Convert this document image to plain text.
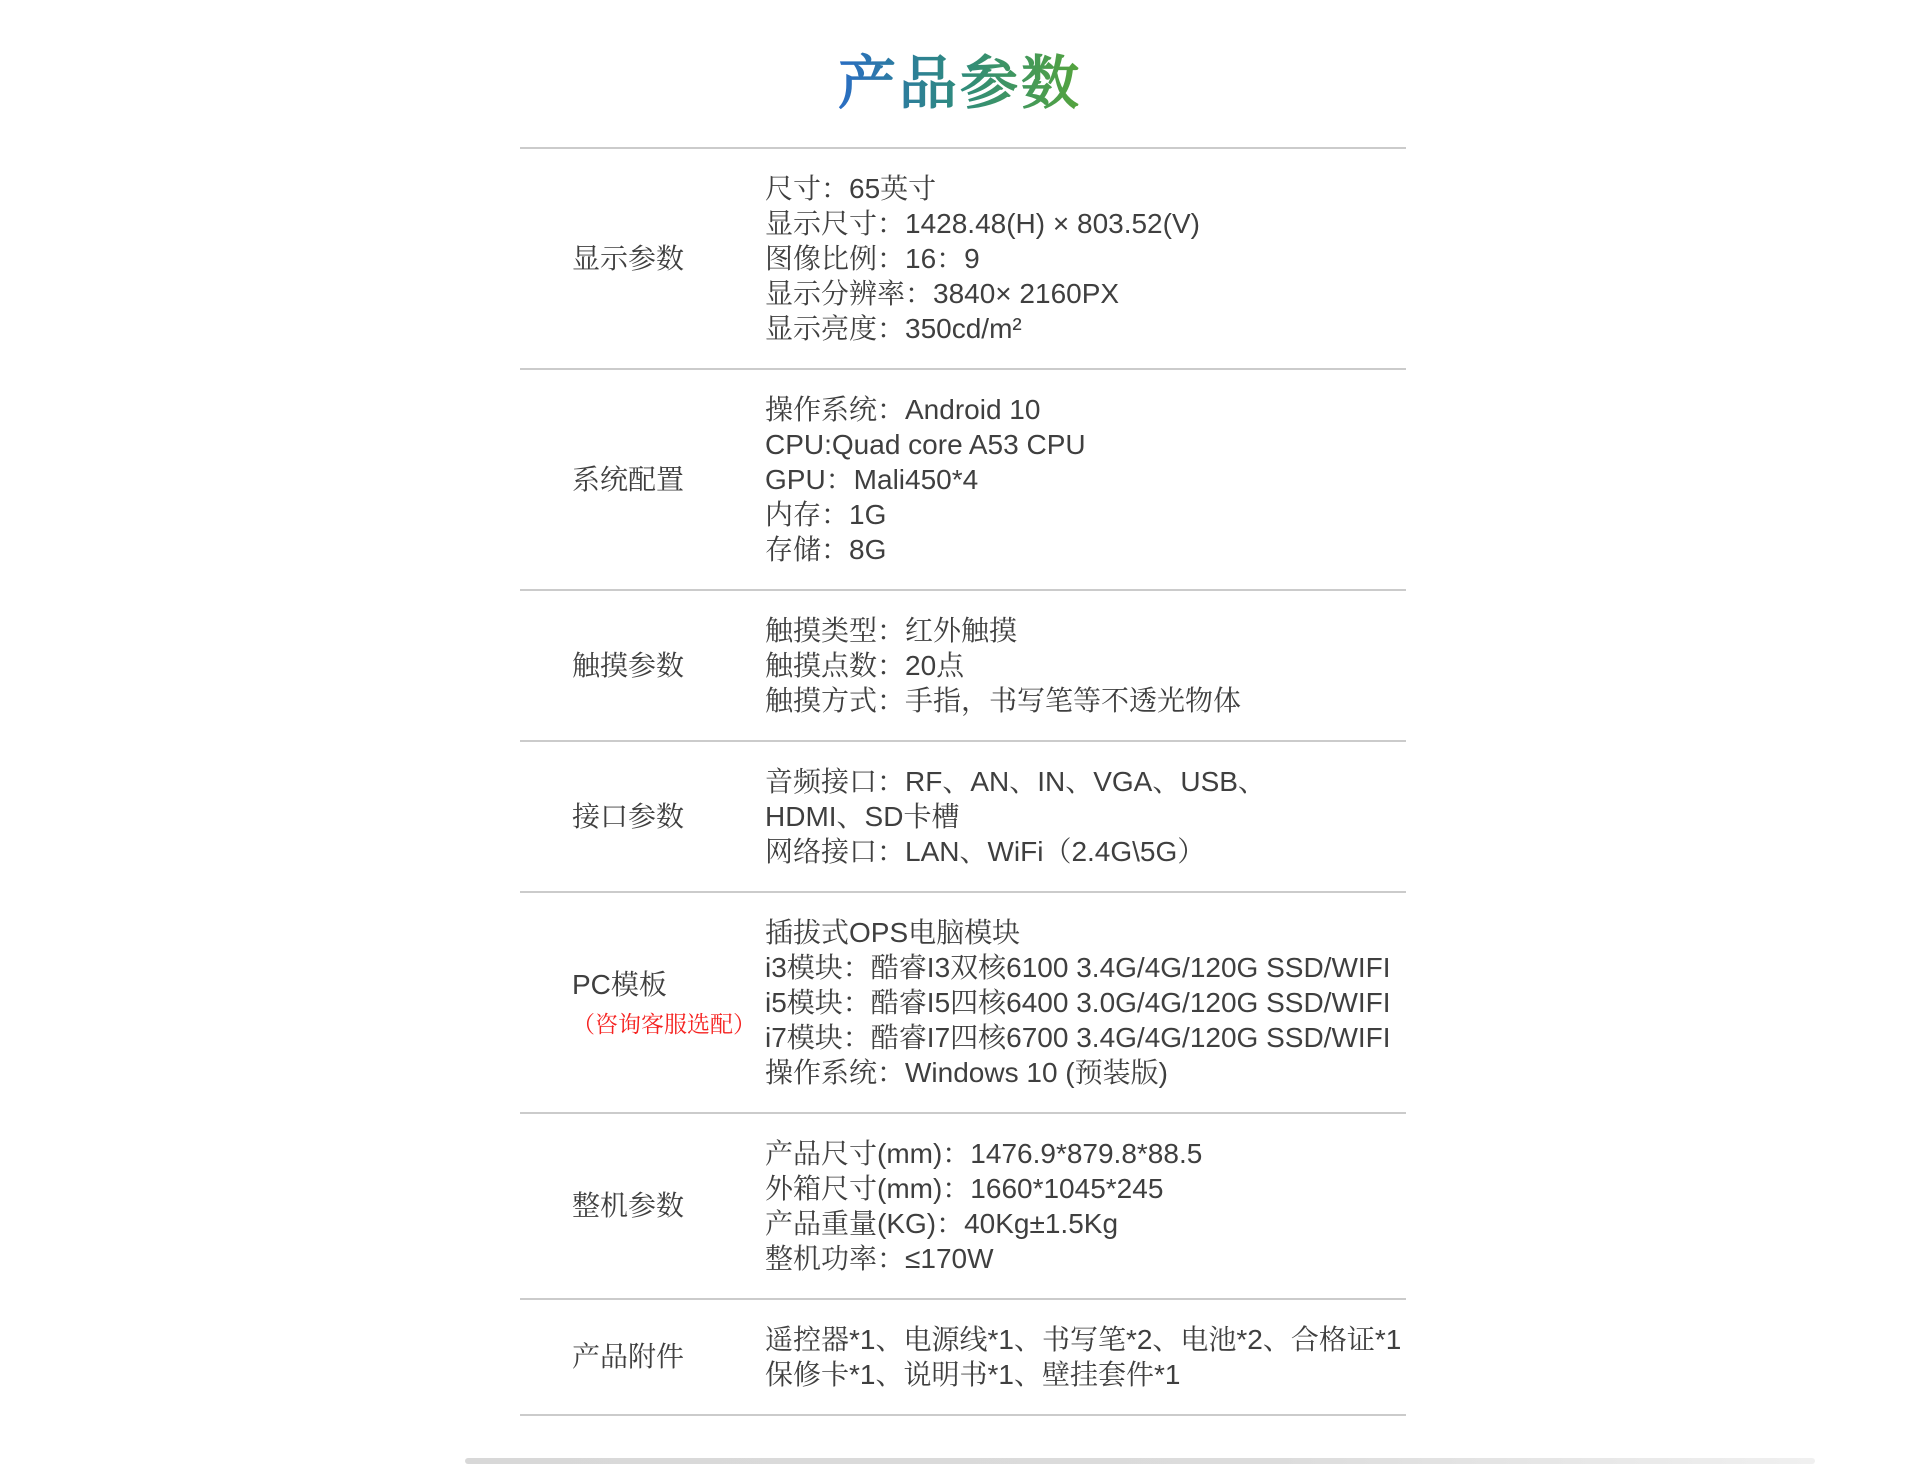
产品参数
显示参数
尺寸：65英寸
显示尺寸：1428.48(H) × 803.52(V)
图像比例：16：9
显示分辨率：3840× 2160PX
显示亮度：350cd/m²
系统配置
操作系统：Android 10
CPU:Quad core A53 CPU
GPU：Mali450*4
内存：1G
存储：8G
触摸参数
触摸类型：红外触摸
触摸点数：20点
触摸方式：手指，书写笔等不透光物体
接口参数
音频接口：RF、AN、IN、VGA、USB、
HDMI、SD卡槽
网络接口：LAN、WiFi（2.4G\5G）
PC模板
（咨询客服选配）
插拔式OPS电脑模块
i3模块：酷睿I3双核6100 3.4G/4G/120G SSD/WIFI
i5模块：酷睿I5四核6400 3.0G/4G/120G SSD/WIFI
i7模块：酷睿I7四核6700 3.4G/4G/120G SSD/WIFI
操作系统：Windows 10 (预装版)
整机参数
产品尺寸(mm)：1476.9*879.8*88.5
外箱尺寸(mm)：1660*1045*245
产品重量(KG)：40Kg±1.5Kg
整机功率：≤170W
产品附件
遥控器*1、电源线*1、书写笔*2、电池*2、合格证*1
保修卡*1、说明书*1、壁挂套件*1
